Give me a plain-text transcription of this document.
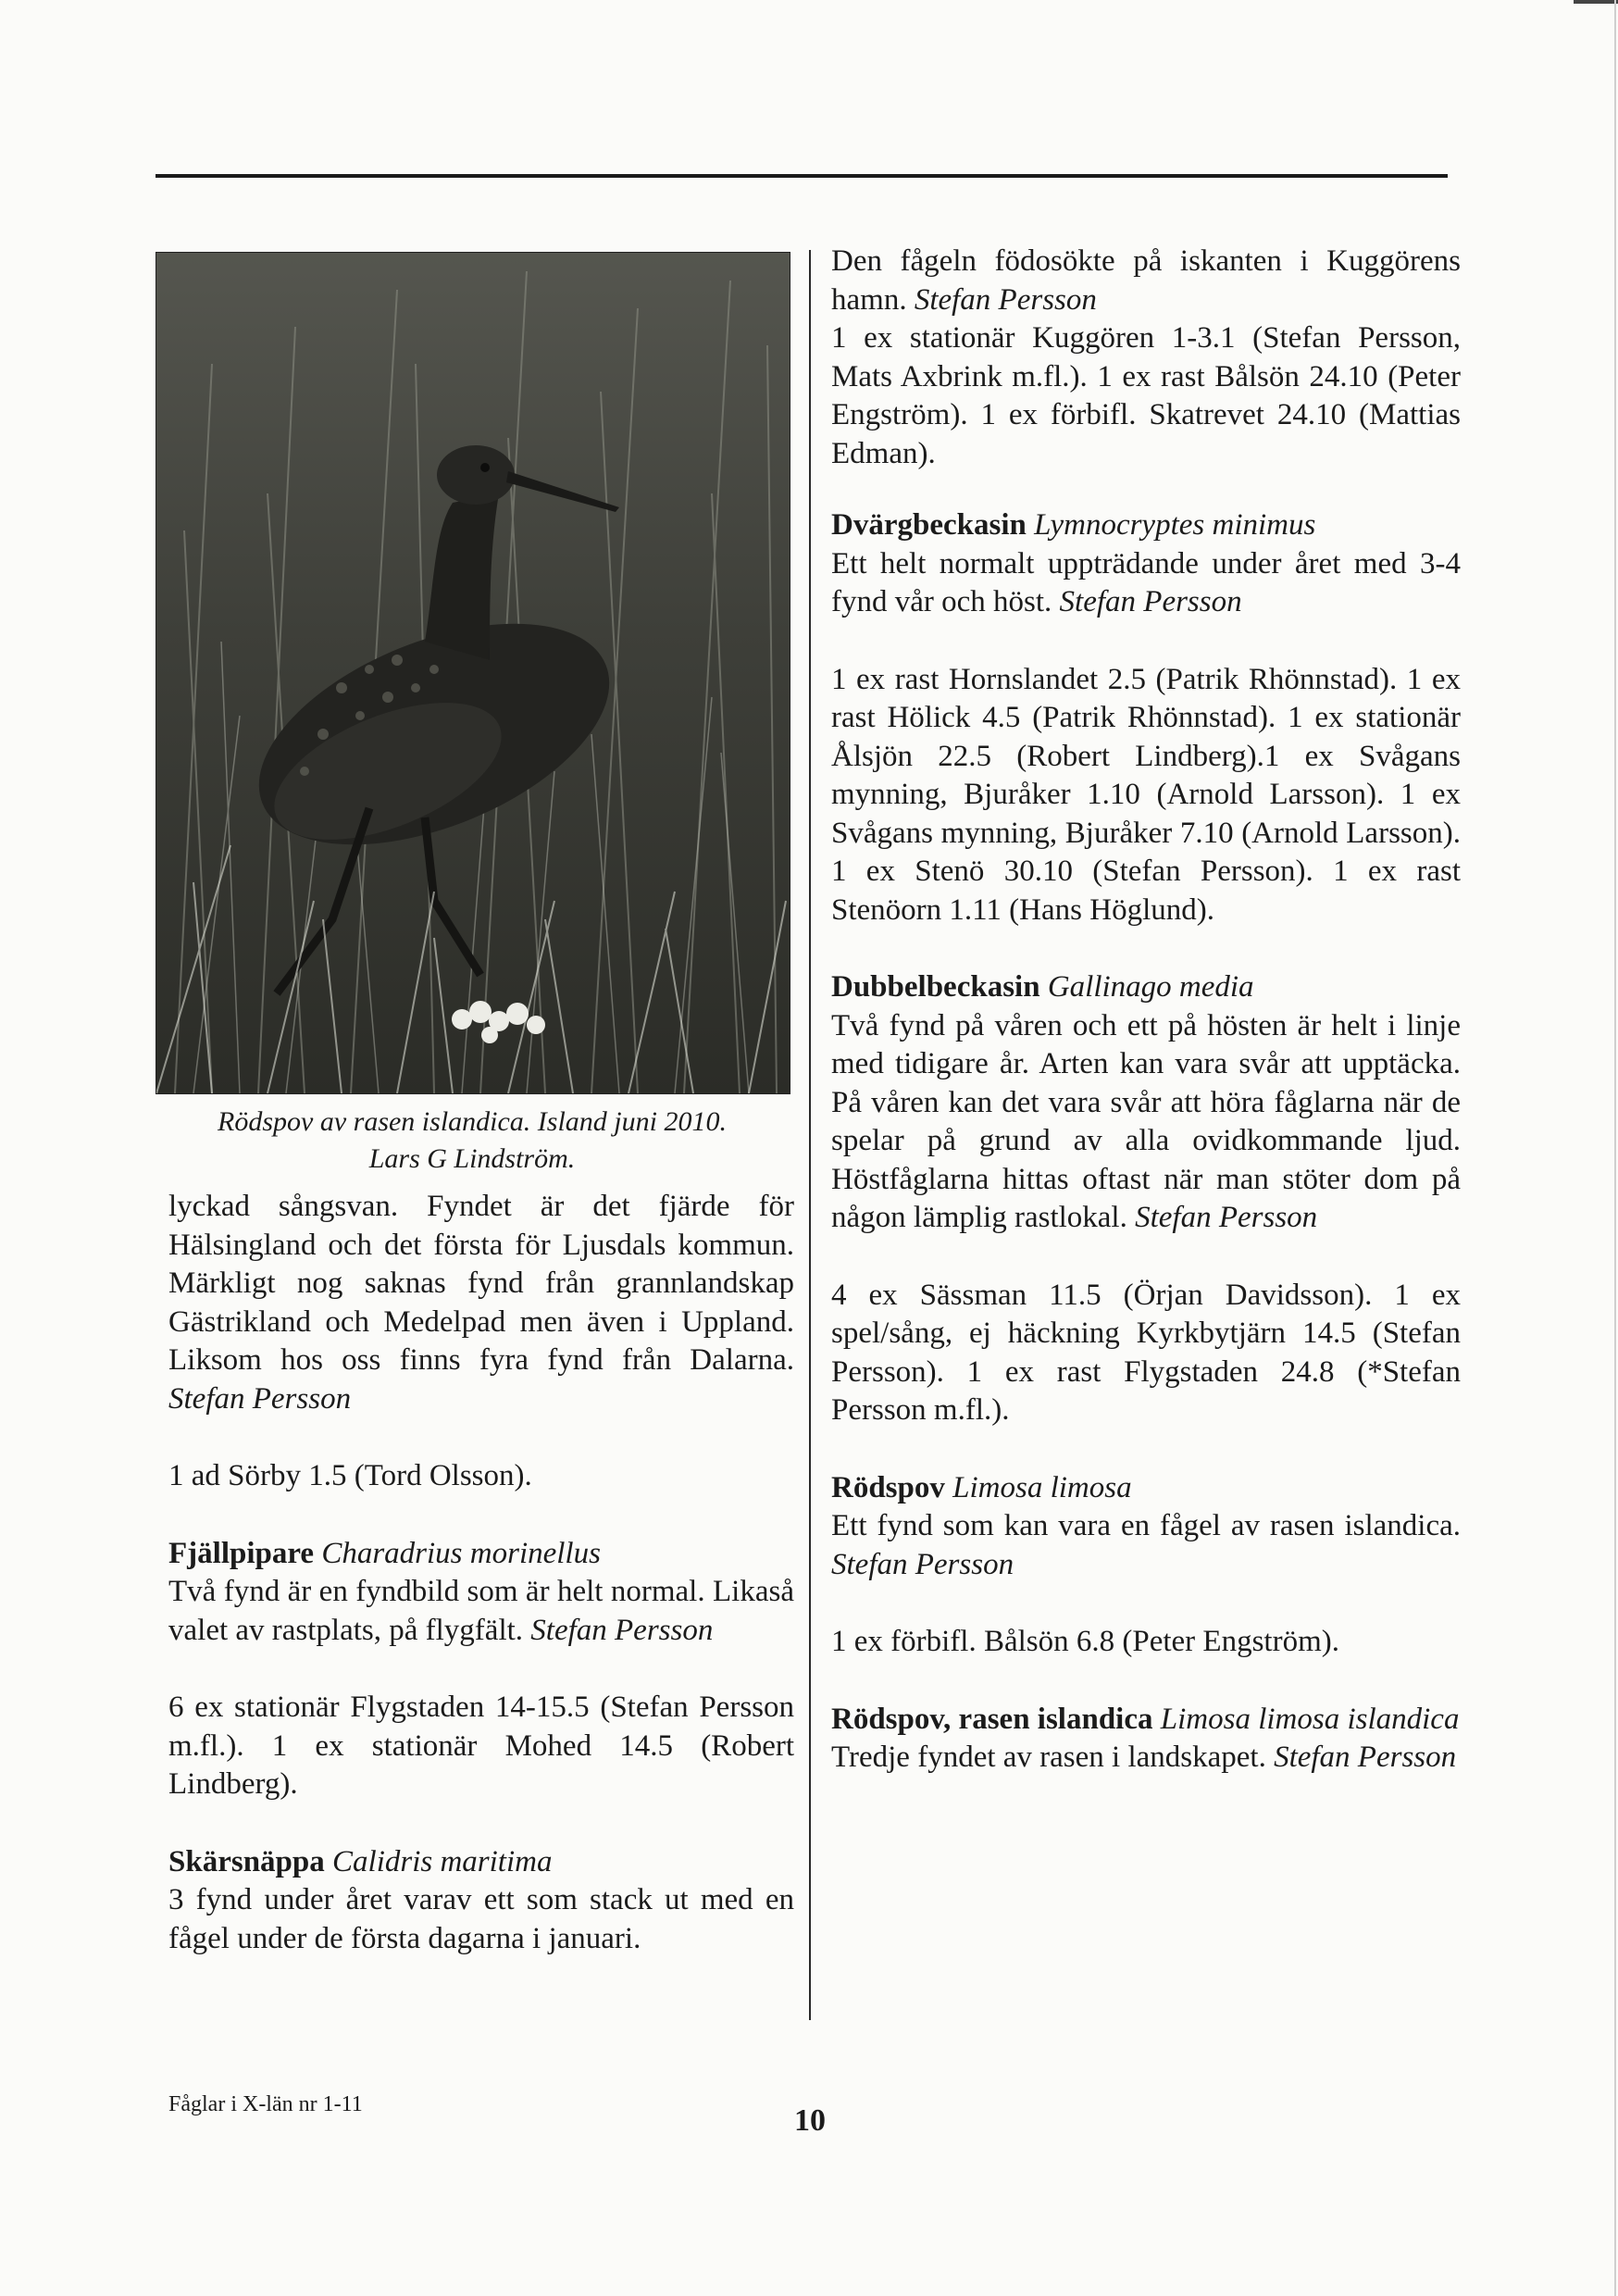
Rödspov av rasen islandica. Island juni 2010.
Lars G Lindström.

lyckad sångsvan. Fyndet är det fjärde för Hälsingland och det första för Ljusdals kommun. Märkligt nog saknas fynd från grannlandskap Gästrikland och Medelpad men även i Uppland. Liksom hos oss finns fyra fynd från Dalarna. Stefan Persson

1 ad Sörby 1.5 (Tord Olsson).

Fjällpipare Charadrius morinellus

Två fynd är en fyndbild som är helt normal. Likaså valet av rastplats, på flygfält. Stefan Persson

6 ex stationär Flygstaden 14-15.5 (Stefan Persson m.fl.). 1 ex stationär Mohed 14.5 (Robert Lindberg).

Skärsnäppa Calidris maritima

3 fynd under året varav ett som stack ut med en fågel under de första dagarna i januari.

Den fågeln födosökte på iskanten i Kuggörens hamn. Stefan Persson

1 ex stationär Kuggören 1-3.1 (Stefan Persson, Mats Axbrink m.fl.). 1 ex rast Bålsön 24.10 (Peter Engström). 1 ex förbifl. Skatrevet 24.10 (Mattias Edman).

Dvärgbeckasin Lymnocryptes minimus

Ett helt normalt uppträdande under året med 3-4 fynd vår och höst. Stefan Persson

1 ex rast Hornslandet 2.5 (Patrik Rhönnstad). 1 ex rast Hölick 4.5 (Patrik Rhönnstad). 1 ex stationär Ålsjön 22.5 (Robert Lindberg).1 ex Svågans mynning, Bjuråker 1.10 (Arnold Larsson). 1 ex Svågans mynning, Bjuråker 7.10 (Arnold Larsson). 1 ex Stenö 30.10 (Stefan Persson). 1 ex rast Stenöorn 1.11 (Hans Höglund).

Dubbelbeckasin Gallinago media

Två fynd på våren och ett på hösten är helt i linje med tidigare år. Arten kan vara svår att upptäcka. På våren kan det vara svår att höra fåglarna när de spelar på grund av alla ovidkommande ljud. Höstfåglarna hittas oftast när man stöter dom på någon lämplig rastlokal. Stefan Persson

4 ex Sässman 11.5 (Örjan Davidsson). 1 ex spel/sång, ej häckning Kyrkbytjärn 14.5 (Stefan Persson). 1 ex rast Flygstaden 24.8 (*Stefan Persson m.fl.).

Rödspov Limosa limosa

Ett fynd som kan vara en fågel av rasen islandica. Stefan Persson

1 ex förbifl. Bålsön 6.8 (Peter Engström).

Rödspov, rasen islandica Limosa limosa islandica

Tredje fyndet av rasen i landskapet. Stefan Persson

Fåglar i X-län nr 1-11	10
